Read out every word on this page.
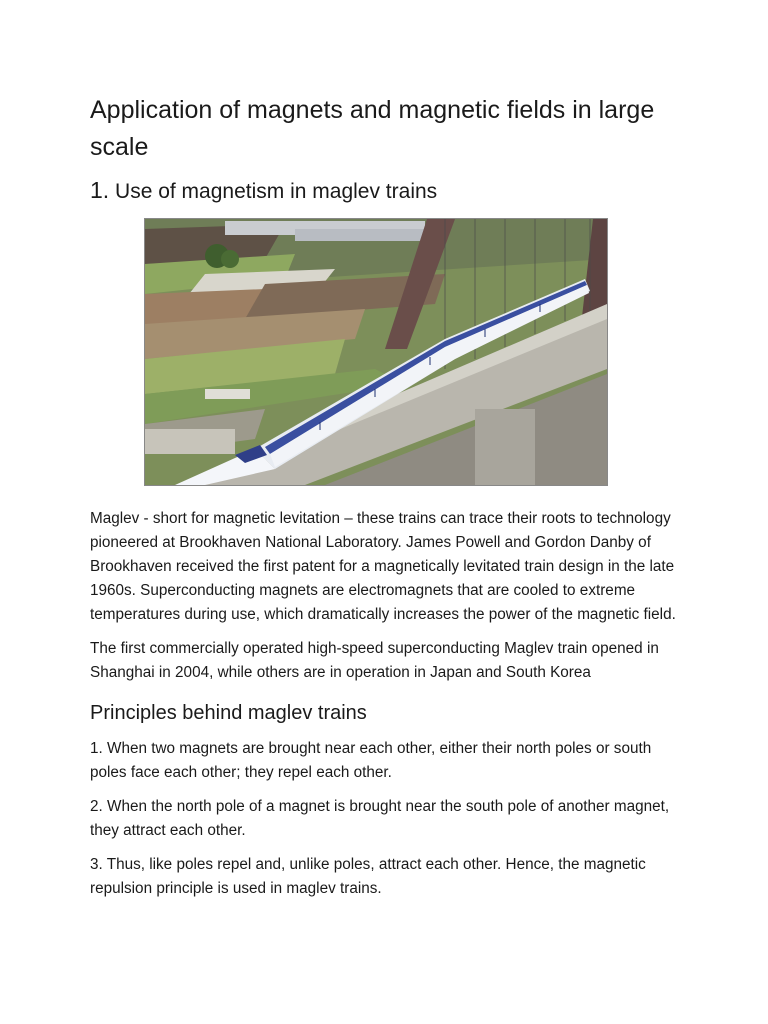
Application of magnets and magnetic fields in large scale
1. Use of magnetism in maglev trains

Maglev - short for magnetic levitation – these trains can trace their roots to technology pioneered at Brookhaven National Laboratory. James Powell and Gordon Danby of Brookhaven received the first patent for a magnetically levitated train design in the late 1960s. Superconducting magnets are electromagnets that are cooled to extreme temperatures during use, which dramatically increases the power of the magnetic field.

The first commercially operated high-speed superconducting Maglev train opened in Shanghai in 2004, while others are in operation in Japan and South Korea

Principles behind maglev trains

1. When two magnets are brought near each other, either their north poles or south poles face each other; they repel each other.

2. When the north pole of a magnet is brought near the south pole of another magnet, they attract each other.

3. Thus, like poles repel and, unlike poles, attract each other. Hence, the magnetic repulsion principle is used in maglev trains.
